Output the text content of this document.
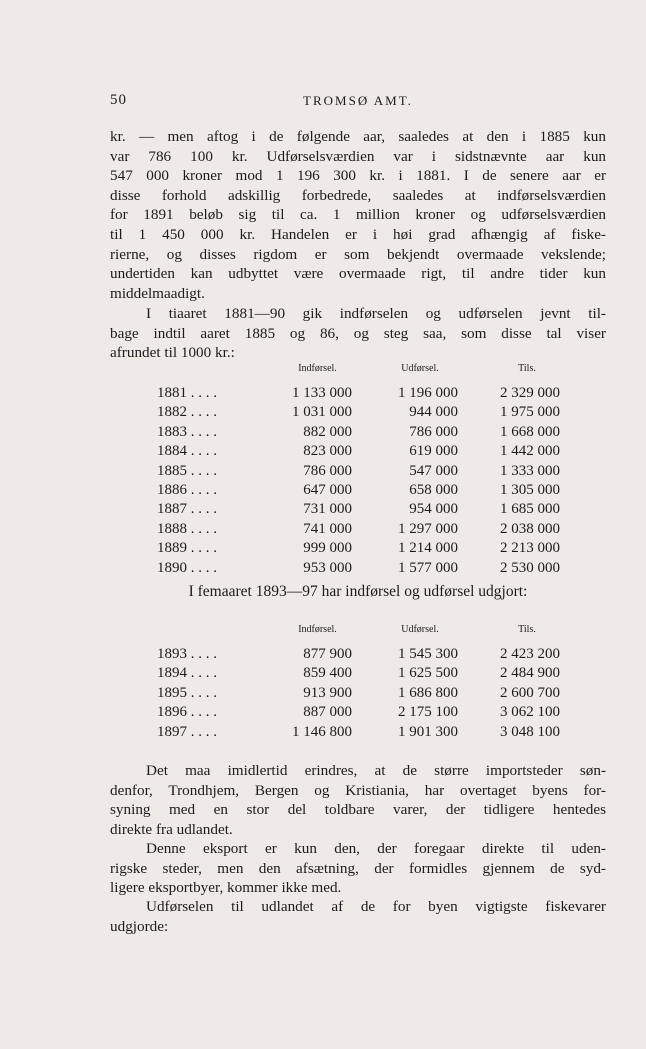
50	TROMSØ AMT.

kr. — men aftog i de følgende aar, saaledes at den i 1885 kun
var 786 100 kr. Udførselsværdien var i sidstnævnte aar kun
547 000 kroner mod 1 196 300 kr. i 1881. I de senere aar er
disse forhold adskillig forbedrede, saaledes at indførselsværdien
for 1891 beløb sig til ca. 1 million kroner og udførselsværdien
til 1 450 000 kr. Handelen er i høi grad afhængig af fiske-
rierne, og disses rigdom er som bekjendt overmaade vekslende;
undertiden kan udbyttet være overmaade rigt, til andre tider kun
middelmaadigt.

I tiaaret 1881—90 gik indførselen og udførselen jevnt til-
bage indtil aaret 1885 og 86, og steg saa, som disse tal viser
afrundet til 1000 kr.:

Indførsel.	Udførsel.	Tils.
1881 . . . .	1 133 000	1 196 000	2 329 000
1882 . . . .	1 031 000	944 000	1 975 000
1883 . . . .	882 000	786 000	1 668 000
1884 . . . .	823 000	619 000	1 442 000
1885 . . . .	786 000	547 000	1 333 000
1886 . . . .	647 000	658 000	1 305 000
1887 . . . .	731 000	954 000	1 685 000
1888 . . . .	741 000	1 297 000	2 038 000
1889 . . . .	999 000	1 214 000	2 213 000
1890 . . . .	953 000	1 577 000	2 530 000
I femaaret 1893—97 har indførsel og udførsel udgjort:
Indførsel.	Udførsel.	Tils.
1893 . . . .	877 900	1 545 300	2 423 200
1894 . . . .	859 400	1 625 500	2 484 900
1895 . . . .	913 900	1 686 800	2 600 700
1896 . . . .	887 000	2 175 100	3 062 100
1897 . . . .	1 146 800	1 901 300	3 048 100

Det maa imidlertid erindres, at de større importsteder søn-
denfor, Trondhjem, Bergen og Kristiania, har overtaget byens for-
syning med en stor del toldbare varer, der tidligere hentedes
direkte fra udlandet.

Denne eksport er kun den, der foregaar direkte til uden-
rigske steder, men den afsætning, der formidles gjennem de syd-
ligere eksportbyer, kommer ikke med.

Udførselen til udlandet af de for byen vigtigste fiskevarer
udgjorde:
